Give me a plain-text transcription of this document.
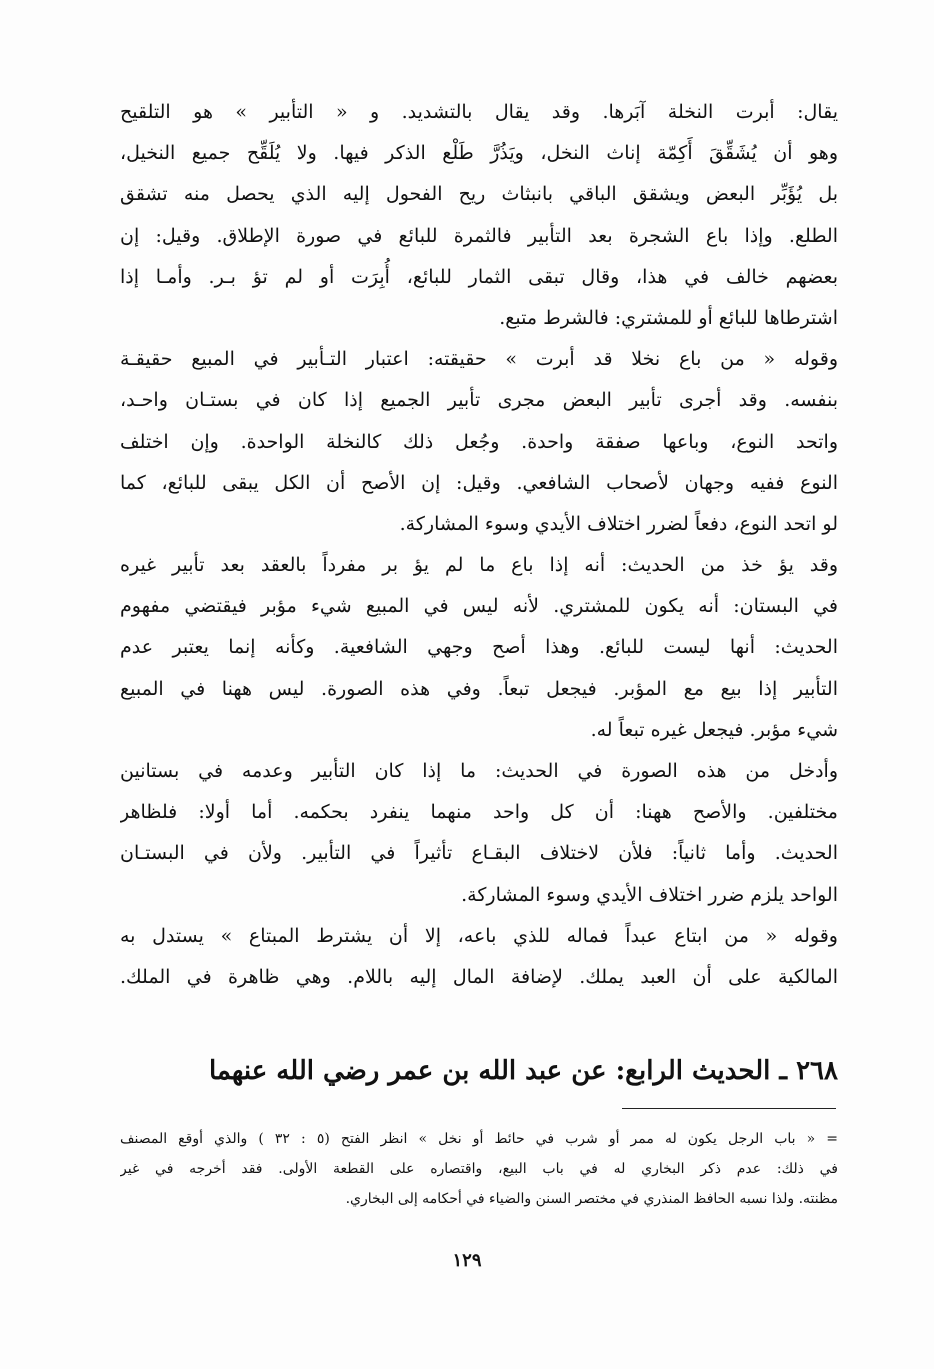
يقال: أبرت النخلة آبَرها. وقد يقال بالتشديد. و « التأبير » هو التلقيح
وهو أن يُشَقِّقَ أَكِمّة إناث النخل، ويَذُرَّ طَلْع الذكر فيها. ولا يُلَقِّح جميع النخيل،
بل يُؤَبِّر البعض ويشقق الباقي بانبثاث ريح الفحول إليه الذي يحصل منه تشقق
الطلع. وإذا باع الشجرة بعد التأبير فالثمرة للبائع في صورة الإطلاق. وقيل: إن
بعضهم خالف في هذا، وقال تبقى الثمار للبائع، أُبِرَت أو لم تؤ بـر. وأمـا إذا
اشترطاها للبائع أو للمشتري: فالشرط متبع.
وقوله « من باع نخلا قد أبرت » حقيقته: اعتبار التـأبير في المبيع حقيقـة
بنفسه. وقد أجرى تأبير البعض مجرى تأبير الجميع إذا كان في بستـان واحـد،
واتحد النوع، وباعها صفقة واحدة. وجُعل ذلك كالنخلة الواحدة. وإن اختلف
النوع ففيه وجهان لأصحاب الشافعي. وقيل: إن الأصح أن الكل يبقى للبائع، كما
لو اتحد النوع، دفعاً لضرر اختلاف الأيدي وسوء المشاركة.
وقد يؤ خذ من الحديث: أنه إذا باع ما لم يؤ بر مفرداً بالعقد بعد تأبير غيره
في البستان: أنه يكون للمشتري. لأنه ليس في المبيع شيء مؤبر فيقتضي مفهوم
الحديث: أنها ليست للبائع. وهذا أصح وجهي الشافعية. وكأنه إنما يعتبر عدم
التأبير إذا بيع مع المؤبر. فيجعل تبعاً. وفي هذه الصورة. ليس ههنا في المبيع
شيء مؤبر. فيجعل غيره تبعاً له.
وأدخل من هذه الصورة في الحديث: ما إذا كان التأبير وعدمه في بستانين
مختلفين. والأصح ههنا: أن كل واحد منهما ينفرد بحكمه. أما أولا: فلظاهر
الحديث. وأما ثانياً: فلأن لاختلاف البقـاع تأثيراً في التأبير. ولأن في البستـان
الواحد يلزم ضرر اختلاف الأيدي وسوء المشاركة.
وقوله « من ابتاع عبداً فماله للذي باعه، إلا أن يشترط المبتاع » يستدل به
المالكية على أن العبد يملك. لإضافة المال إليه باللام. وهي ظاهرة في الملك.
٢٦٨ ـ الحديث الرابع: عن عبد الله بن عمر رضي الله عنهما
= « باب الرجل يكون له ممر أو شرب في حائط أو نخل » انظر الفتح (٥ : ٣٢ ) والذي أوقع المصنف
في ذلك: عدم ذكر البخاري له في باب البيع، واقتصاره على القطعة الأولى. فقد أخرجه في غير
مظنته. ولذا نسبه الحافظ المنذري في مختصر السنن والضياء في أحكامه إلى البخاري.
١٢٩
